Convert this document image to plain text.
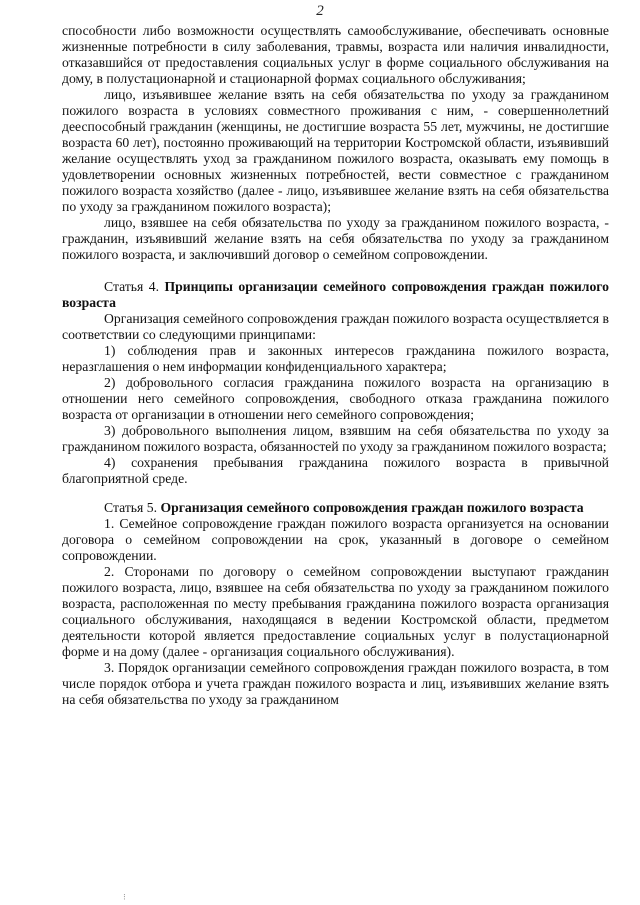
2

способности либо возможности осуществлять самообслуживание, обеспечивать основные жизненные потребности в силу заболевания, травмы, возраста или наличия инвалидности, отказавшийся от предоставления социальных услуг в форме социального обслуживания на дому, в полустационарной и стационарной формах социального обслуживания;

лицо, изъявившее желание взять на себя обязательства по уходу за гражданином пожилого возраста в условиях совместного проживания с ним, - совершеннолетний дееспособный гражданин (женщины, не достигшие возраста 55 лет, мужчины, не достигшие возраста 60 лет), постоянно проживающий на территории Костромской области, изъявивший желание осуществлять уход за гражданином пожилого возраста, оказывать ему помощь в удовлетворении основных жизненных потребностей, вести совместное с гражданином пожилого возраста хозяйство (далее - лицо, изъявившее желание взять на себя обязательства по уходу за гражданином пожилого возраста);

лицо, взявшее на себя обязательства по уходу за гражданином пожилого возраста, - гражданин, изъявивший желание взять на себя обязательства по уходу за гражданином пожилого возраста, и заключивший договор о семейном сопровождении.

Статья 4. Принципы организации семейного сопровождения граждан пожилого возраста

Организация семейного сопровождения граждан пожилого возраста осуществляется в соответствии со следующими принципами:

1) соблюдения прав и законных интересов гражданина пожилого возраста, неразглашения о нем информации конфиденциального характера;

2) добровольного согласия гражданина пожилого возраста на организацию в отношении него семейного сопровождения, свободного отказа гражданина пожилого возраста от организации в отношении него семейного сопровождения;

3) добровольного выполнения лицом, взявшим на себя обязательства по уходу за гражданином пожилого возраста, обязанностей по уходу за гражданином пожилого возраста;

4) сохранения пребывания гражданина пожилого возраста в привычной благоприятной среде.

Статья 5. Организация семейного сопровождения граждан пожилого возраста

1. Семейное сопровождение граждан пожилого возраста организуется на основании договора о семейном сопровождении на срок, указанный в договоре о семейном сопровождении.

2. Сторонами по договору о семейном сопровождении выступают гражданин пожилого возраста, лицо, взявшее на себя обязательства по уходу за гражданином пожилого возраста, расположенная по месту пребывания гражданина пожилого возраста организация социального обслуживания, находящаяся в ведении Костромской области, предметом деятельности которой является предоставление социальных услуг в полустационарной форме и на дому (далее - организация социального обслуживания).

3. Порядок организации семейного сопровождения граждан пожилого возраста, в том числе порядок отбора и учета граждан пожилого возраста и лиц, изъявивших желание взять на себя обязательства по уходу за гражданином

⁝
